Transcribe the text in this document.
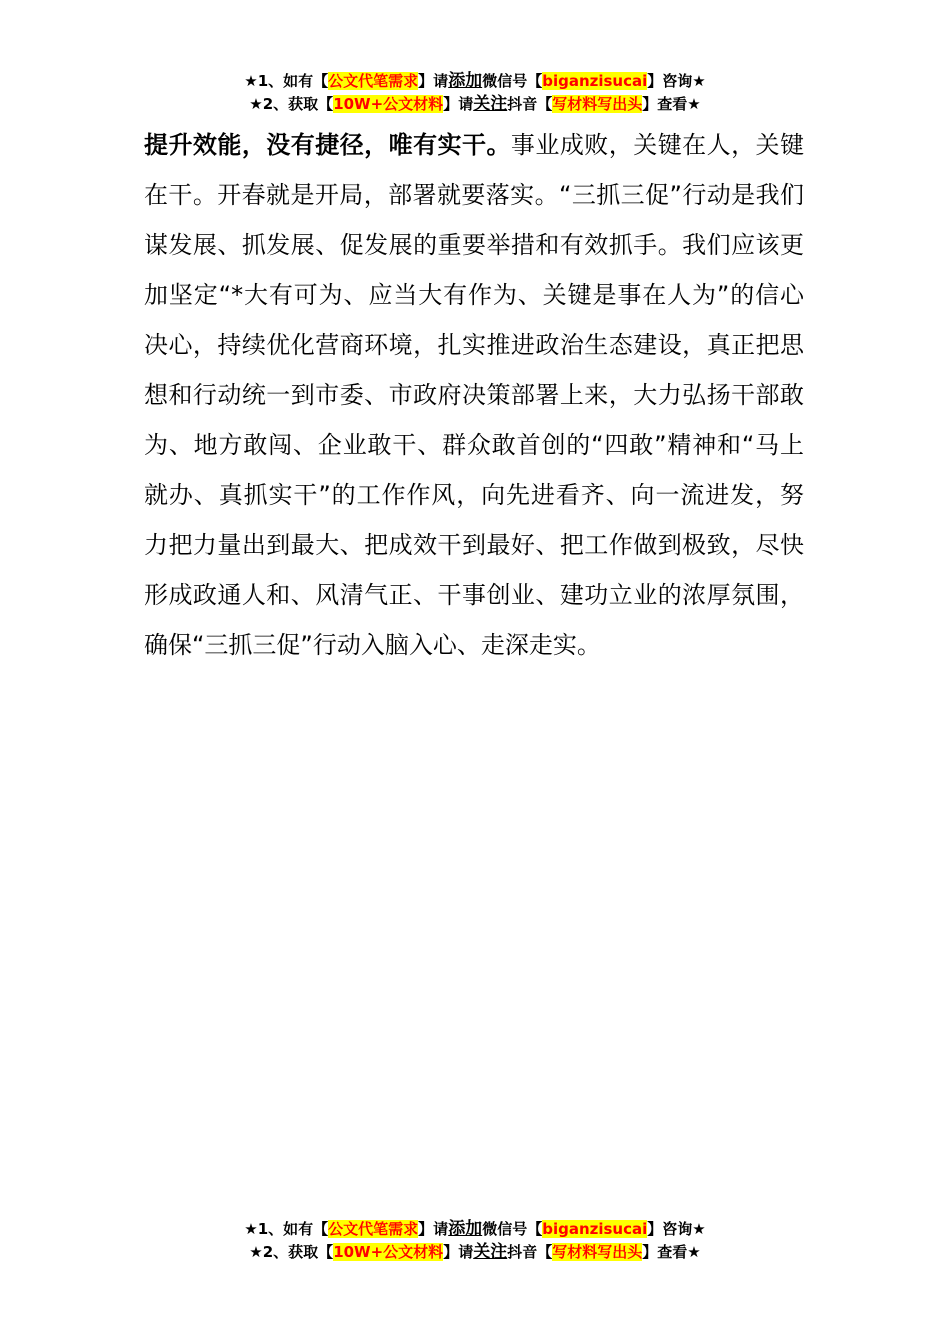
★1、如有【公文代笔需求】请添加微信号【biganzisucai】咨询★
★2、获取【10W+公文材料】请关注抖音【写材料写出头】查看★

提升效能，没有捷径，唯有实干。事业成败，关键在人，关键在干。开春就是开局，部署就要落实。“三抓三促”行动是我们谋发展、抓发展、促发展的重要举措和有效抓手。我们应该更加坚定“*大有可为、应当大有作为、关键是事在人为”的信心决心，持续优化营商环境，扎实推进政治生态建设，真正把思想和行动统一到市委、市政府决策部署上来，大力弘扬干部敢为、地方敢闯、企业敢干、群众敢首创的“四敢”精神和“马上就办、真抓实干”的工作作风，向先进看齐、向一流进发，努力把力量出到最大、把成效干到最好、把工作做到极致，尽快形成政通人和、风清气正、干事创业、建功立业的浓厚氛围，确保“三抓三促”行动入脑入心、走深走实。

★1、如有【公文代笔需求】请添加微信号【biganzisucai】咨询★
★2、获取【10W+公文材料】请关注抖音【写材料写出头】查看★
